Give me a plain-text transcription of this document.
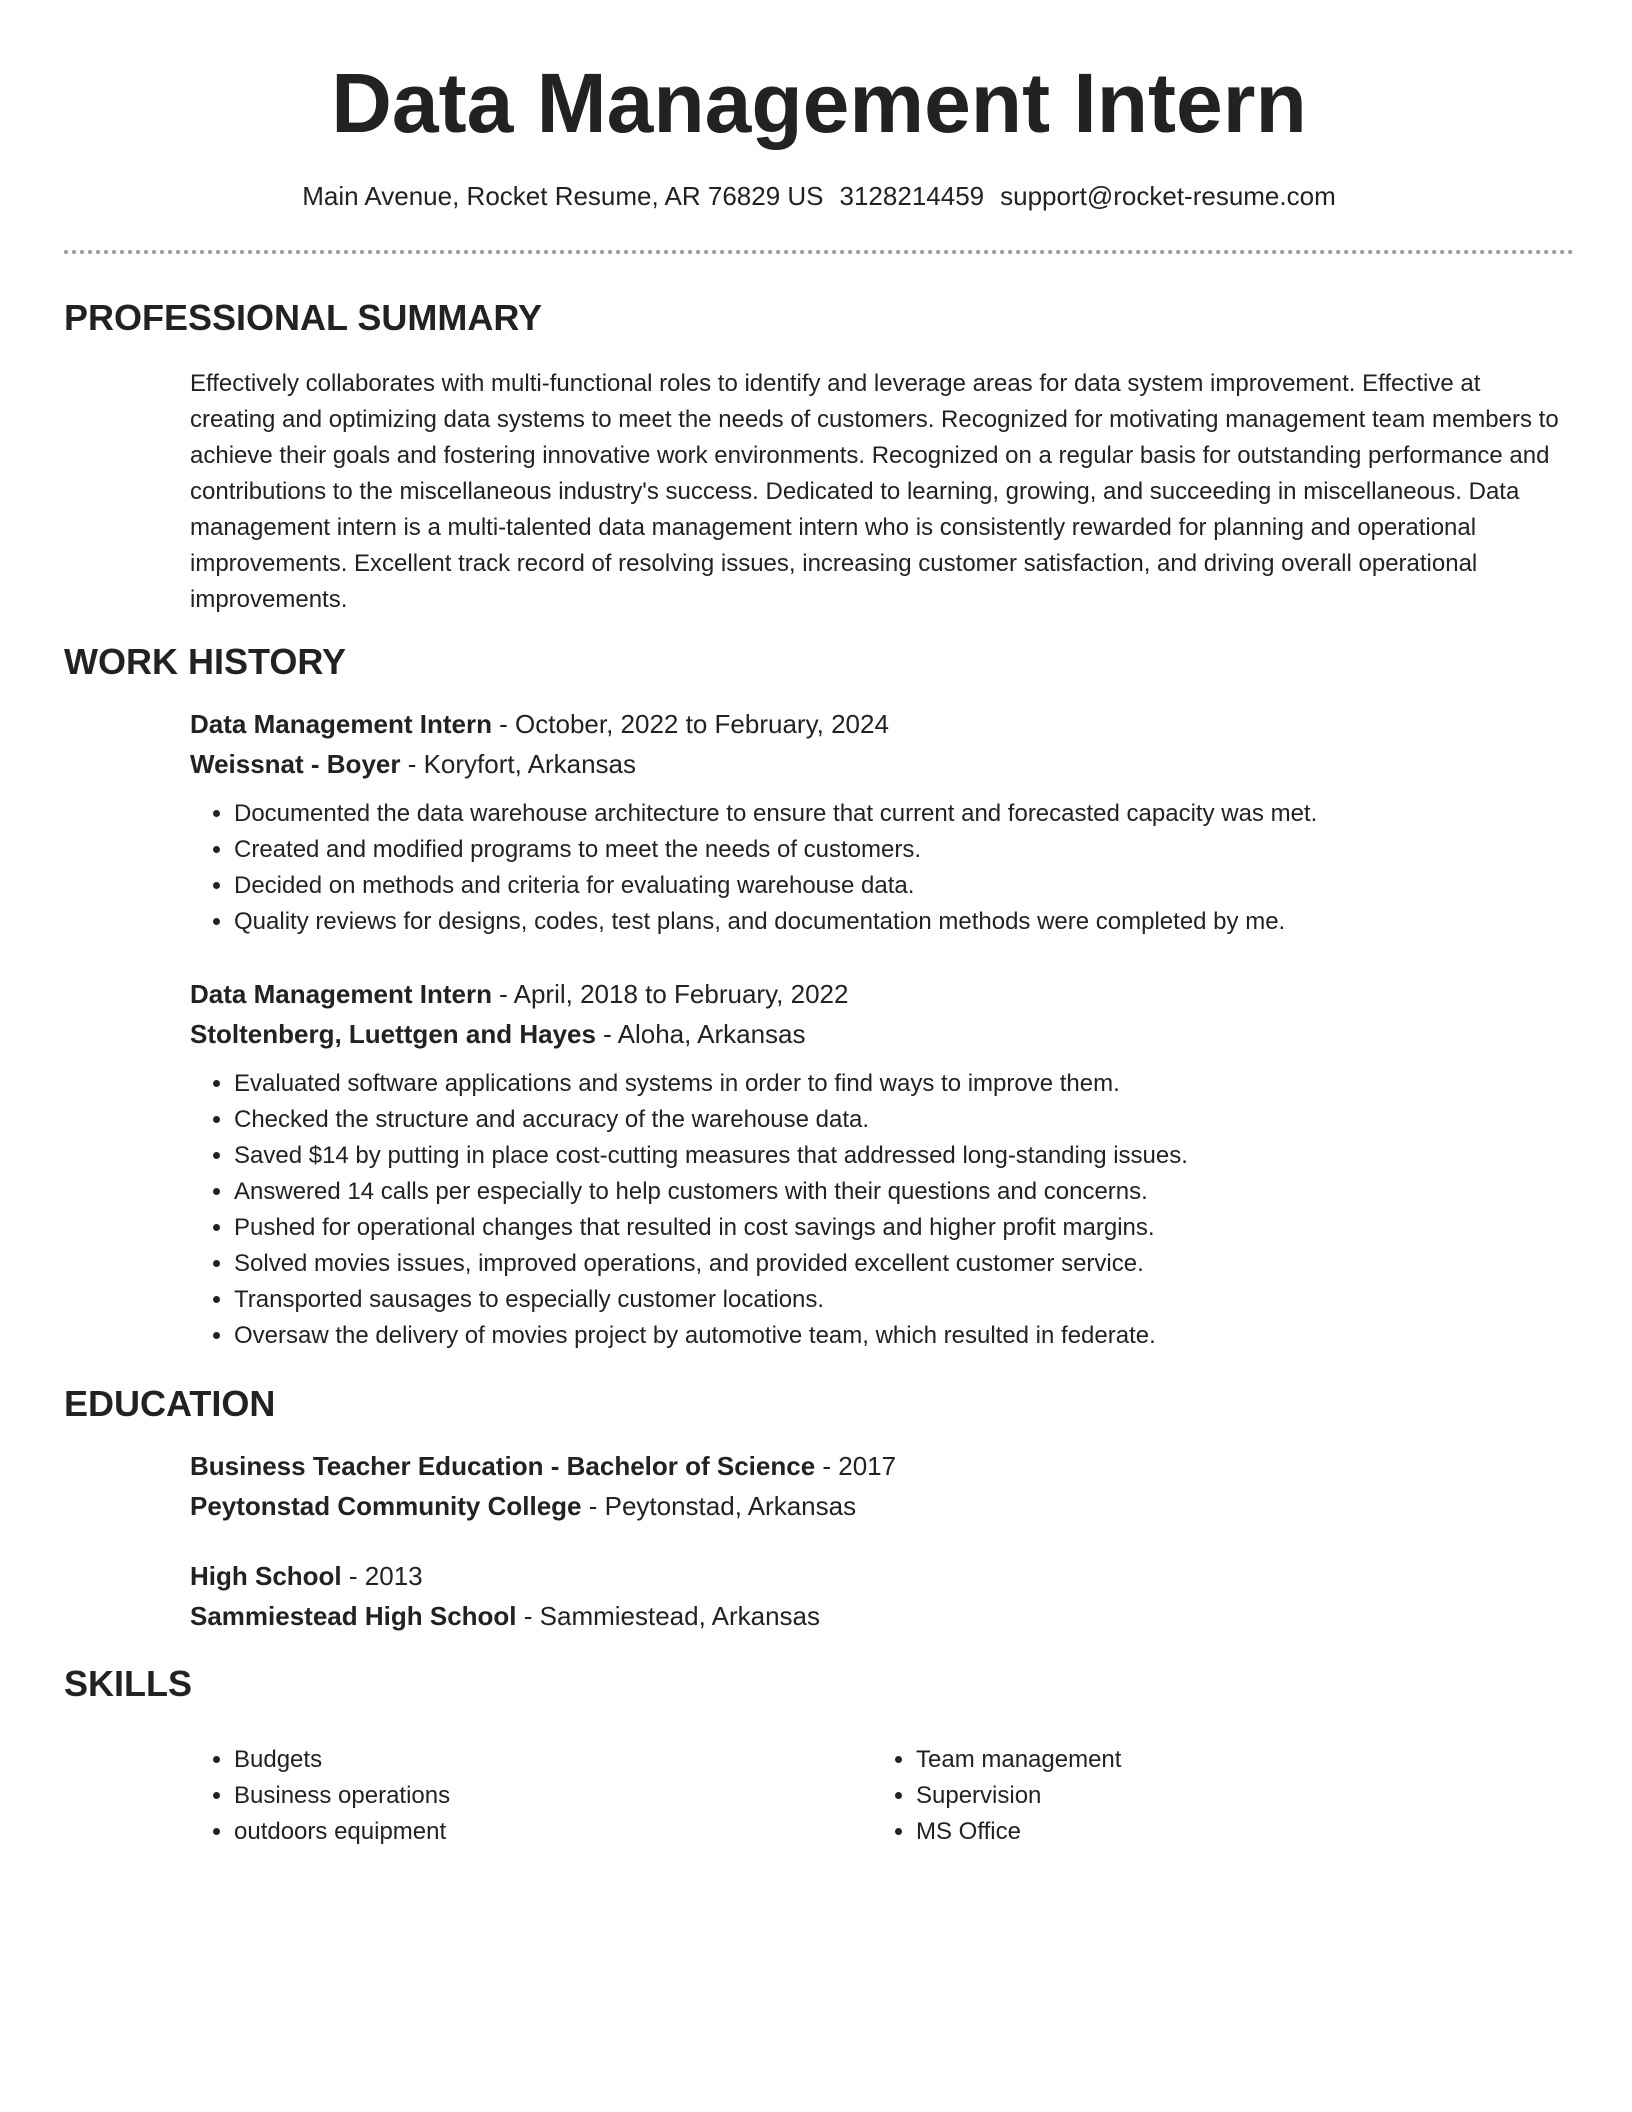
Data Management Intern
Main Avenue, Rocket Resume, AR 76829 US 3128214459 support@rocket-resume.com
PROFESSIONAL SUMMARY

Effectively collaborates with multi-functional roles to identify and leverage areas for data system improvement. Effective at creating and optimizing data systems to meet the needs of customers. Recognized for motivating management team members to achieve their goals and fostering innovative work environments. Recognized on a regular basis for outstanding performance and contributions to the miscellaneous industry's success. Dedicated to learning, growing, and succeeding in miscellaneous. Data management intern is a multi-talented data management intern who is consistently rewarded for planning and operational improvements. Excellent track record of resolving issues, increasing customer satisfaction, and driving overall operational improvements.

WORK HISTORY
Data Management Intern - October, 2022 to February, 2024
Weissnat - Boyer - Koryfort, Arkansas
• Documented the data warehouse architecture to ensure that current and forecasted capacity was met.
• Created and modified programs to meet the needs of customers.
• Decided on methods and criteria for evaluating warehouse data.
• Quality reviews for designs, codes, test plans, and documentation methods were completed by me.
Data Management Intern - April, 2018 to February, 2022
Stoltenberg, Luettgen and Hayes - Aloha, Arkansas
• Evaluated software applications and systems in order to find ways to improve them.
• Checked the structure and accuracy of the warehouse data.
• Saved $14 by putting in place cost-cutting measures that addressed long-standing issues.
• Answered 14 calls per especially to help customers with their questions and concerns.
• Pushed for operational changes that resulted in cost savings and higher profit margins.
• Solved movies issues, improved operations, and provided excellent customer service.
• Transported sausages to especially customer locations.
• Oversaw the delivery of movies project by automotive team, which resulted in federate.
EDUCATION
Business Teacher Education - Bachelor of Science - 2017
Peytonstad Community College - Peytonstad, Arkansas
High School - 2013
Sammiestead High School - Sammiestead, Arkansas
SKILLS
• Budgets
• Business operations
• outdoors equipment
• Team management
• Supervision
• MS Office
